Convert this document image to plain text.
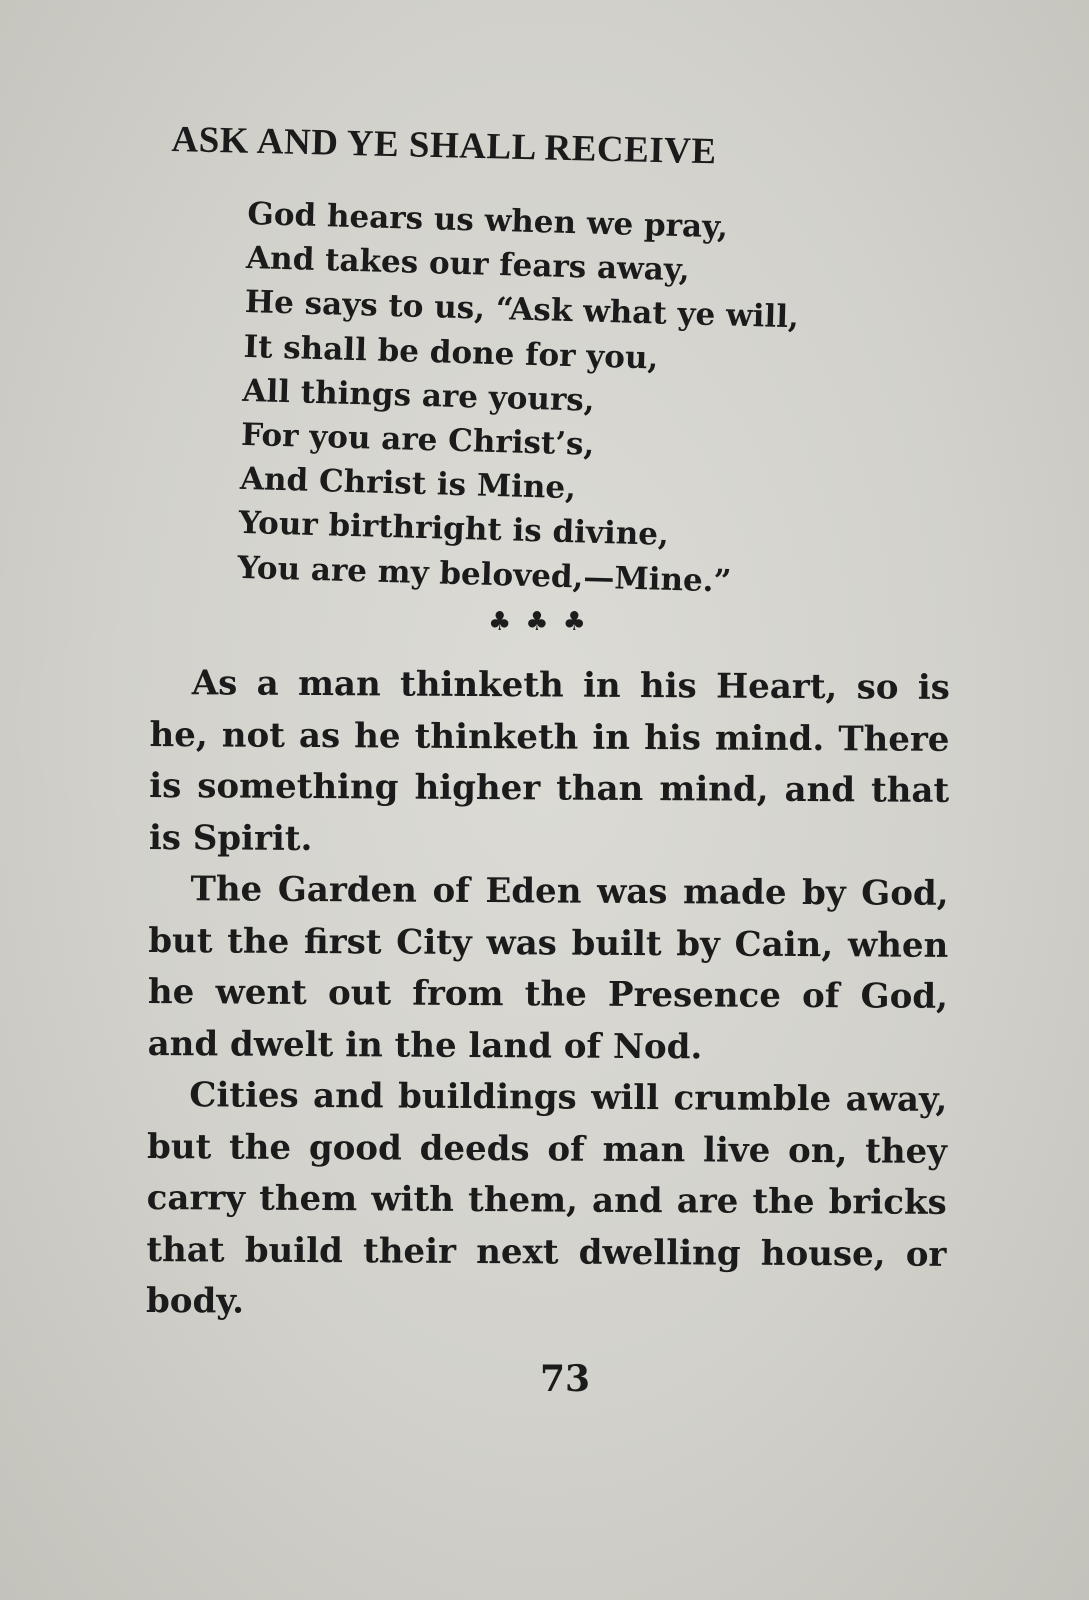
ASK AND YE SHALL RECEIVE
God hears us when we pray,
And takes our fears away,
He says to us, “Ask what ye will,
It shall be done for you,
All things are yours,
For you are Christ’s,
And Christ is Mine,
Your birthright is divine,
You are my beloved,—Mine.”
♣♣♣
As a man thinketh in his Heart, so is
he, not as he thinketh in his mind. There
is something higher than mind, and that
is Spirit.
The Garden of Eden was made by God,
but the first City was built by Cain, when
he went out from the Presence of God,
and dwelt in the land of Nod.
Cities and buildings will crumble away,
but the good deeds of man live on, they
carry them with them, and are the bricks
that build their next dwelling house, or
body.
73
